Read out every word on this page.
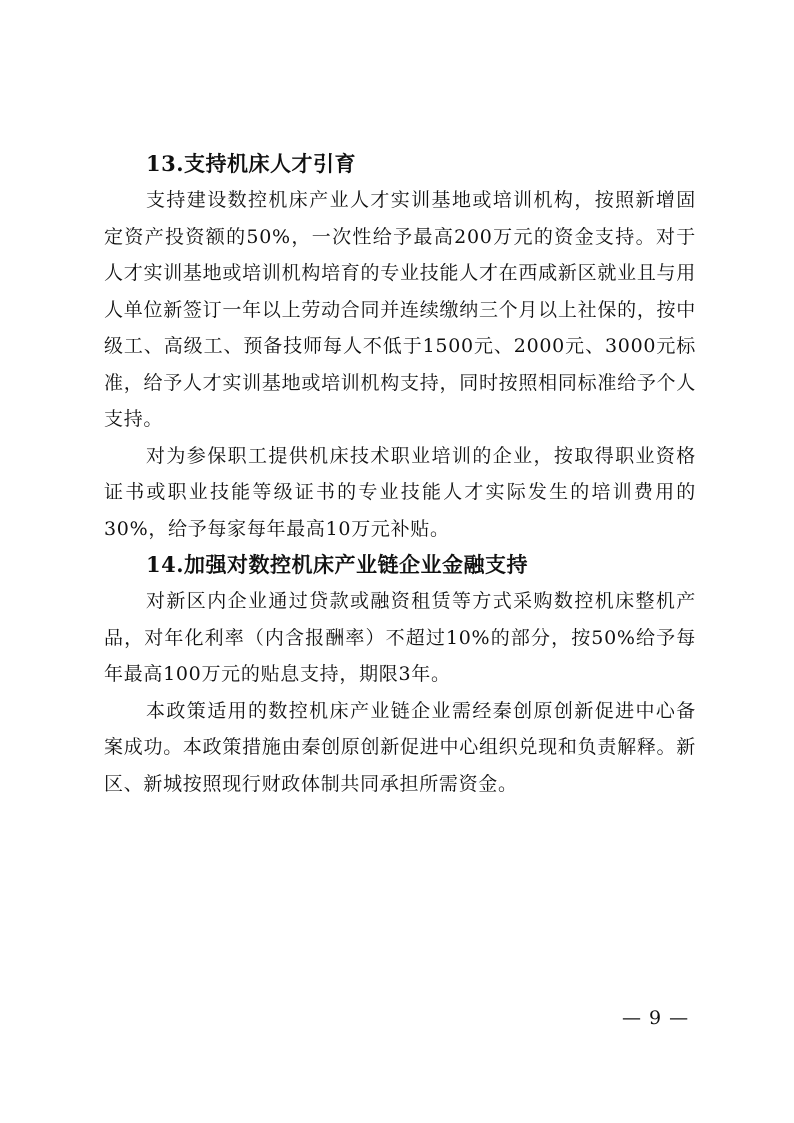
13.支持机床人才引育

支持建设数控机床产业人才实训基地或培训机构，按照新增固定资产投资额的50%，一次性给予最高200万元的资金支持。对于人才实训基地或培训机构培育的专业技能人才在西咸新区就业且与用人单位新签订一年以上劳动合同并连续缴纳三个月以上社保的，按中级工、高级工、预备技师每人不低于1500元、2000元、3000元标准，给予人才实训基地或培训机构支持，同时按照相同标准给予个人支持。

对为参保职工提供机床技术职业培训的企业，按取得职业资格证书或职业技能等级证书的专业技能人才实际发生的培训费用的30%，给予每家每年最高10万元补贴。

14.加强对数控机床产业链企业金融支持

对新区内企业通过贷款或融资租赁等方式采购数控机床整机产品，对年化利率（内含报酬率）不超过10%的部分，按50%给予每年最高100万元的贴息支持，期限3年。

本政策适用的数控机床产业链企业需经秦创原创新促进中心备案成功。本政策措施由秦创原创新促进中心组织兑现和负责解释。新区、新城按照现行财政体制共同承担所需资金。

— 9 —
